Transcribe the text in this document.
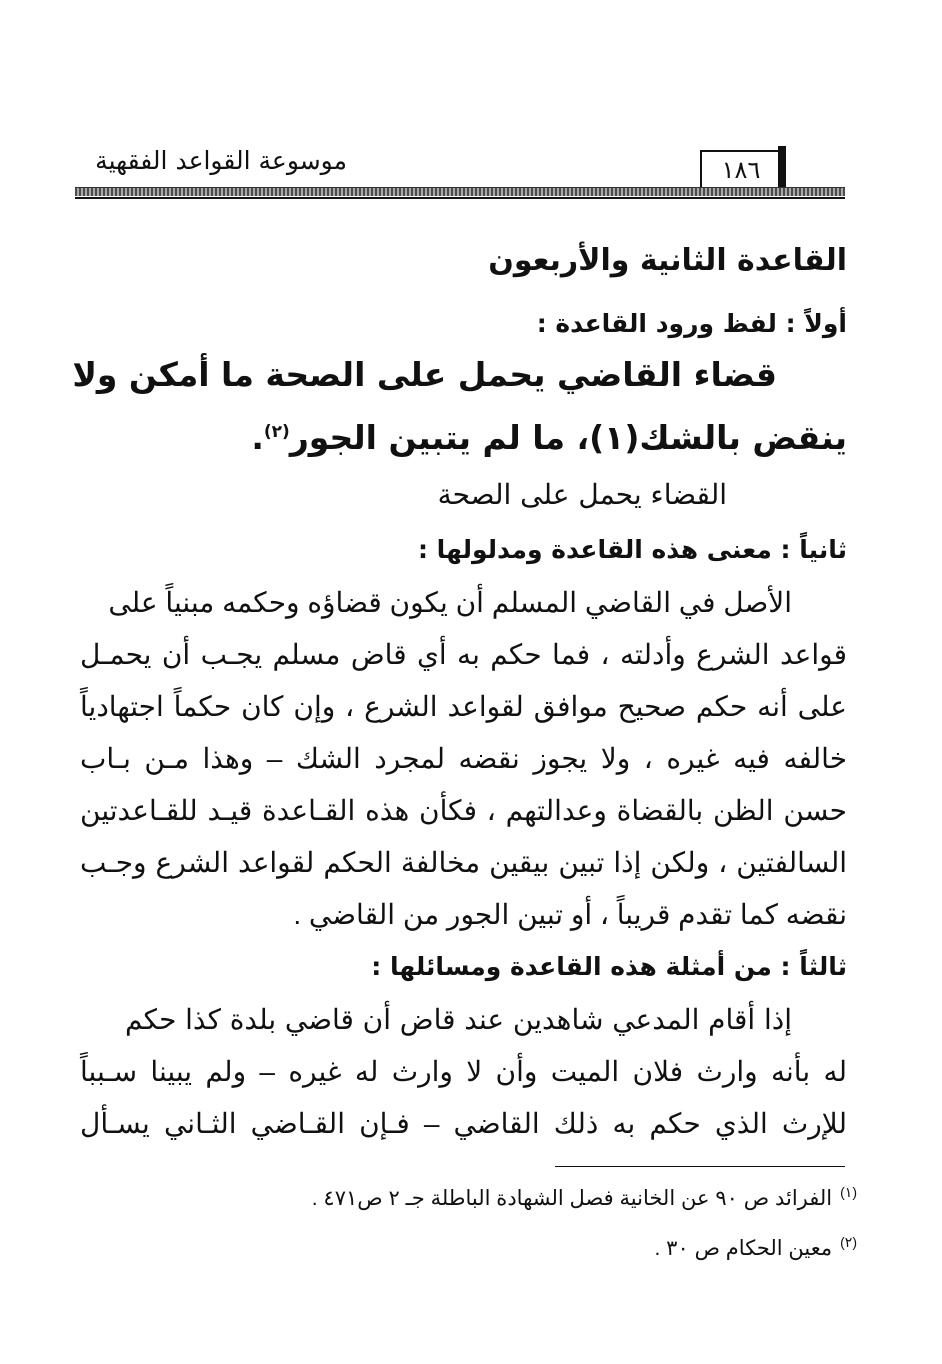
١٨٦
موسوعة القواعد الفقهية
القاعدة الثانية والأربعون
أولاً : لفظ ورود القاعدة :
قضاء القاضي يحمل على الصحة ما أمكن ولا
ينقض بالشك(١)، ما لم يتبين الجور$^{(٢)}$.
القضاء يحمل على الصحة
ثانياً : معنى هذه القاعدة ومدلولها :
الأصل في القاضي المسلم أن يكون قضاؤه وحكمه مبنياً على
قواعد الشرع وأدلته ، فما حكم به أي قاض مسلم يجـب أن يحمـل
على أنه حكم صحيح موافق لقواعد الشرع ، وإن كان حكماً اجتهادياً
خالفه فيه غيره ، ولا يجوز نقضه لمجرد الشك – وهذا مـن بـاب
حسن الظن بالقضاة وعدالتهم ، فكأن هذه القـاعدة قيـد للقـاعدتين
السالفتين ، ولكن إذا تبين بيقين مخالفة الحكم لقواعد الشرع وجـب
نقضه كما تقدم قريباً ، أو تبين الجور من القاضي .
ثالثاً : من أمثلة هذه القاعدة ومسائلها :
إذا أقام المدعي شاهدين عند قاض أن قاضي بلدة كذا حكم
له بأنه وارث فلان الميت وأن لا وارث له غيره – ولم يبينا سـبباً
للإرث الذي حكم به ذلك القاضي – فـإن القـاضي الثـاني يسـأل
$^{(١)}$الفرائد ص ٩٠ عن الخانية فصل الشهادة الباطلة جـ ٢ ص٤٧١ .
$^{(٢)}$معين الحكام ص ٣٠ .
